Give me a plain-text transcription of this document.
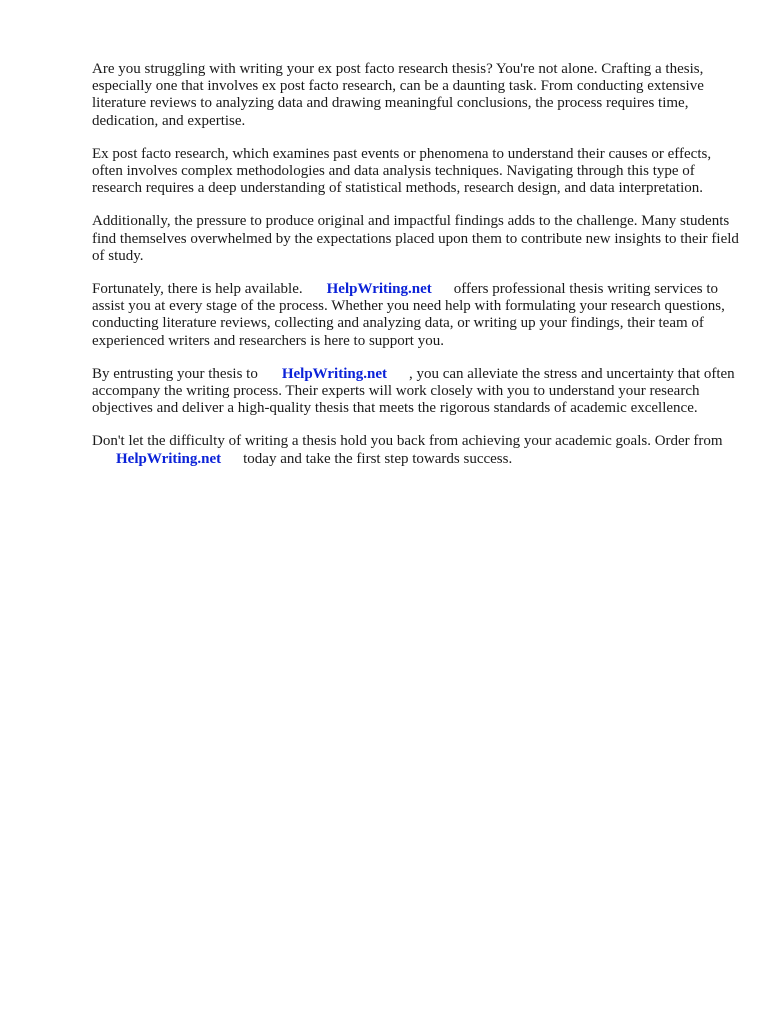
Are you struggling with writing your ex post facto research thesis? You're not alone. Crafting a thesis, especially one that involves ex post facto research, can be a daunting task. From conducting extensive literature reviews to analyzing data and drawing meaningful conclusions, the process requires time, dedication, and expertise.

Ex post facto research, which examines past events or phenomena to understand their causes or effects, often involves complex methodologies and data analysis techniques. Navigating through this type of research requires a deep understanding of statistical methods, research design, and data interpretation.

Additionally, the pressure to produce original and impactful findings adds to the challenge. Many students find themselves overwhelmed by the expectations placed upon them to contribute new insights to their field of study.

Fortunately, there is help available. HelpWriting.net offers professional thesis writing services to assist you at every stage of the process. Whether you need help with formulating your research questions, conducting literature reviews, collecting and analyzing data, or writing up your findings, their team of experienced writers and researchers is here to support you.

By entrusting your thesis to HelpWriting.net , you can alleviate the stress and uncertainty that often accompany the writing process. Their experts will work closely with you to understand your research objectives and deliver a high-quality thesis that meets the rigorous standards of academic excellence.

Don't let the difficulty of writing a thesis hold you back from achieving your academic goals. Order fromHelpWriting.net today and take the first step towards success.
